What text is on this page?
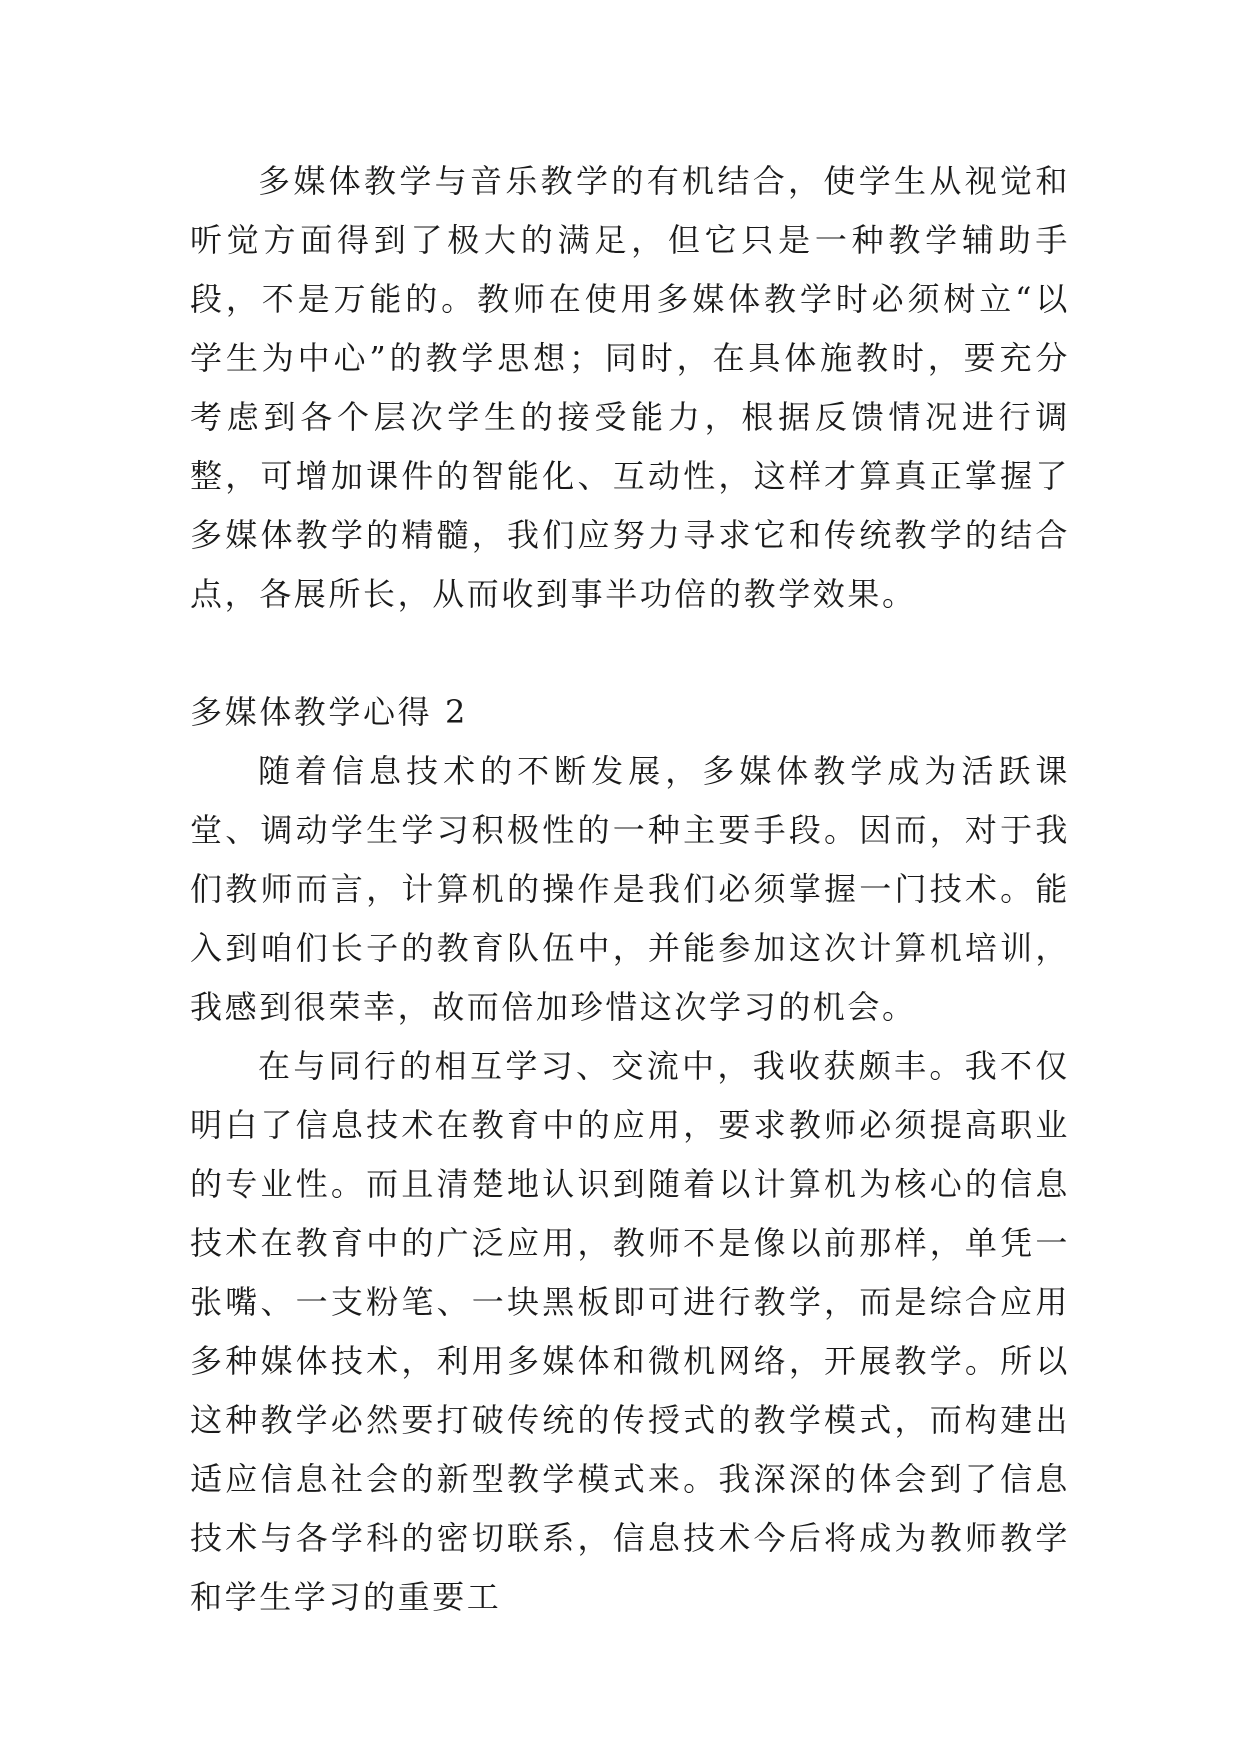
多媒体教学与音乐教学的有机结合，使学生从视觉和听觉方面得到了极大的满足，但它只是一种教学辅助手段，不是万能的。教师在使用多媒体教学时必须树立“以学生为中心”的教学思想；同时，在具体施教时，要充分考虑到各个层次学生的接受能力，根据反馈情况进行调整，可增加课件的智能化、互动性，这样才算真正掌握了多媒体教学的精髓，我们应努力寻求它和传统教学的结合点，各展所长，从而收到事半功倍的教学效果。

多媒体教学心得 2

随着信息技术的不断发展，多媒体教学成为活跃课堂、调动学生学习积极性的一种主要手段。因而，对于我们教师而言，计算机的操作是我们必须掌握一门技术。能入到咱们长子的教育队伍中，并能参加这次计算机培训，我感到很荣幸，故而倍加珍惜这次学习的机会。

在与同行的相互学习、交流中，我收获颇丰。我不仅明白了信息技术在教育中的应用，要求教师必须提高职业的专业性。而且清楚地认识到随着以计算机为核心的信息技术在教育中的广泛应用，教师不是像以前那样，单凭一张嘴、一支粉笔、一块黑板即可进行教学，而是综合应用多种媒体技术，利用多媒体和微机网络，开展教学。所以这种教学必然要打破传统的传授式的教学模式，而构建出适应信息社会的新型教学模式来。我深深的体会到了信息技术与各学科的密切联系，信息技术今后将成为教师教学和学生学习的重要工
